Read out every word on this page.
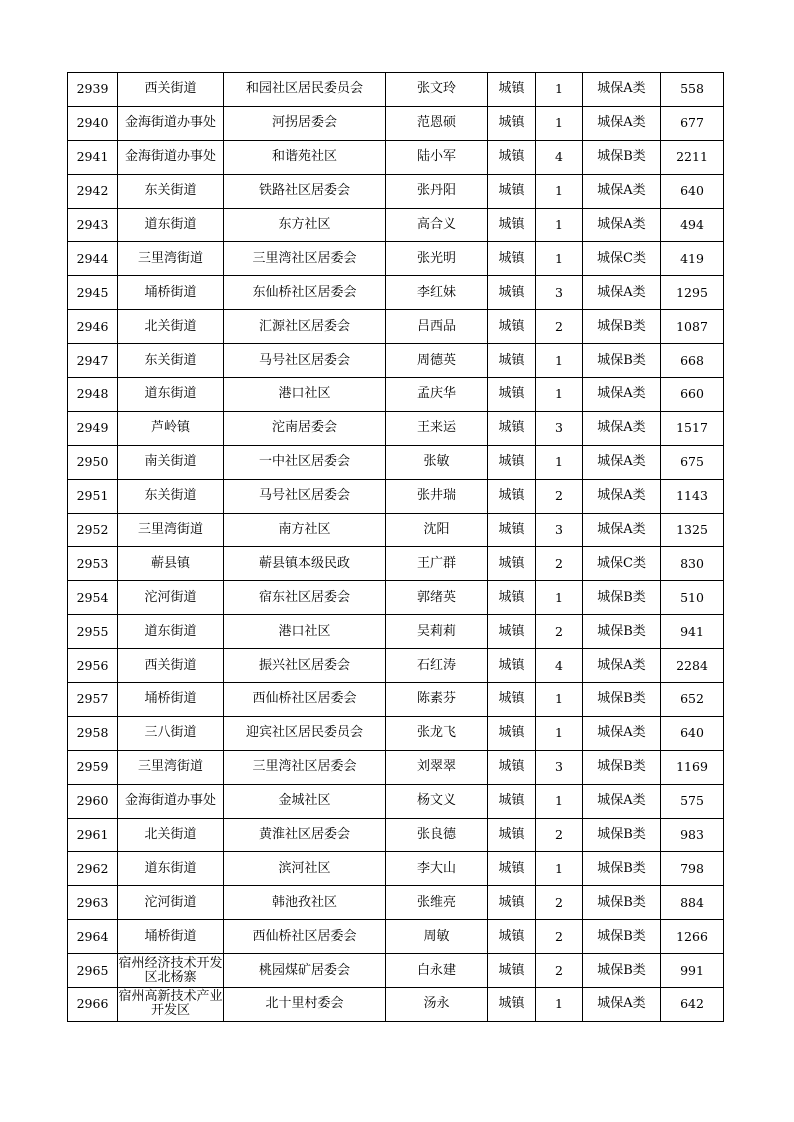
2939	西关街道	和园社区居民委员会	张文玲	城镇	1	城保A类	558
2940	金海街道办事处	河拐居委会	范恩硕	城镇	1	城保A类	677
2941	金海街道办事处	和谐苑社区	陆小军	城镇	4	城保B类	2211
2942	东关街道	铁路社区居委会	张丹阳	城镇	1	城保A类	640
2943	道东街道	东方社区	高合义	城镇	1	城保A类	494
2944	三里湾街道	三里湾社区居委会	张光明	城镇	1	城保C类	419
2945	埇桥街道	东仙桥社区居委会	李红妹	城镇	3	城保A类	1295
2946	北关街道	汇源社区居委会	吕西品	城镇	2	城保B类	1087
2947	东关街道	马号社区居委会	周德英	城镇	1	城保B类	668
2948	道东街道	港口社区	孟庆华	城镇	1	城保A类	660
2949	芦岭镇	沱南居委会	王来运	城镇	3	城保A类	1517
2950	南关街道	一中社区居委会	张敏	城镇	1	城保A类	675
2951	东关街道	马号社区居委会	张井瑞	城镇	2	城保A类	1143
2952	三里湾街道	南方社区	沈阳	城镇	3	城保A类	1325
2953	蕲县镇	蕲县镇本级民政	王广群	城镇	2	城保C类	830
2954	沱河街道	宿东社区居委会	郭绪英	城镇	1	城保B类	510
2955	道东街道	港口社区	吴莉莉	城镇	2	城保B类	941
2956	西关街道	振兴社区居委会	石红涛	城镇	4	城保A类	2284
2957	埇桥街道	西仙桥社区居委会	陈素芬	城镇	1	城保B类	652
2958	三八街道	迎宾社区居民委员会	张龙飞	城镇	1	城保A类	640
2959	三里湾街道	三里湾社区居委会	刘翠翠	城镇	3	城保B类	1169
2960	金海街道办事处	金城社区	杨文义	城镇	1	城保A类	575
2961	北关街道	黄淮社区居委会	张良德	城镇	2	城保B类	983
2962	道东街道	滨河社区	李大山	城镇	1	城保B类	798
2963	沱河街道	韩池孜社区	张维亮	城镇	2	城保B类	884
2964	埇桥街道	西仙桥社区居委会	周敏	城镇	2	城保B类	1266
2965	宿州经济技术开发区北杨寨	桃园煤矿居委会	白永建	城镇	2	城保B类	991
2966	宿州高新技术产业开发区	北十里村委会	汤永	城镇	1	城保A类	642
